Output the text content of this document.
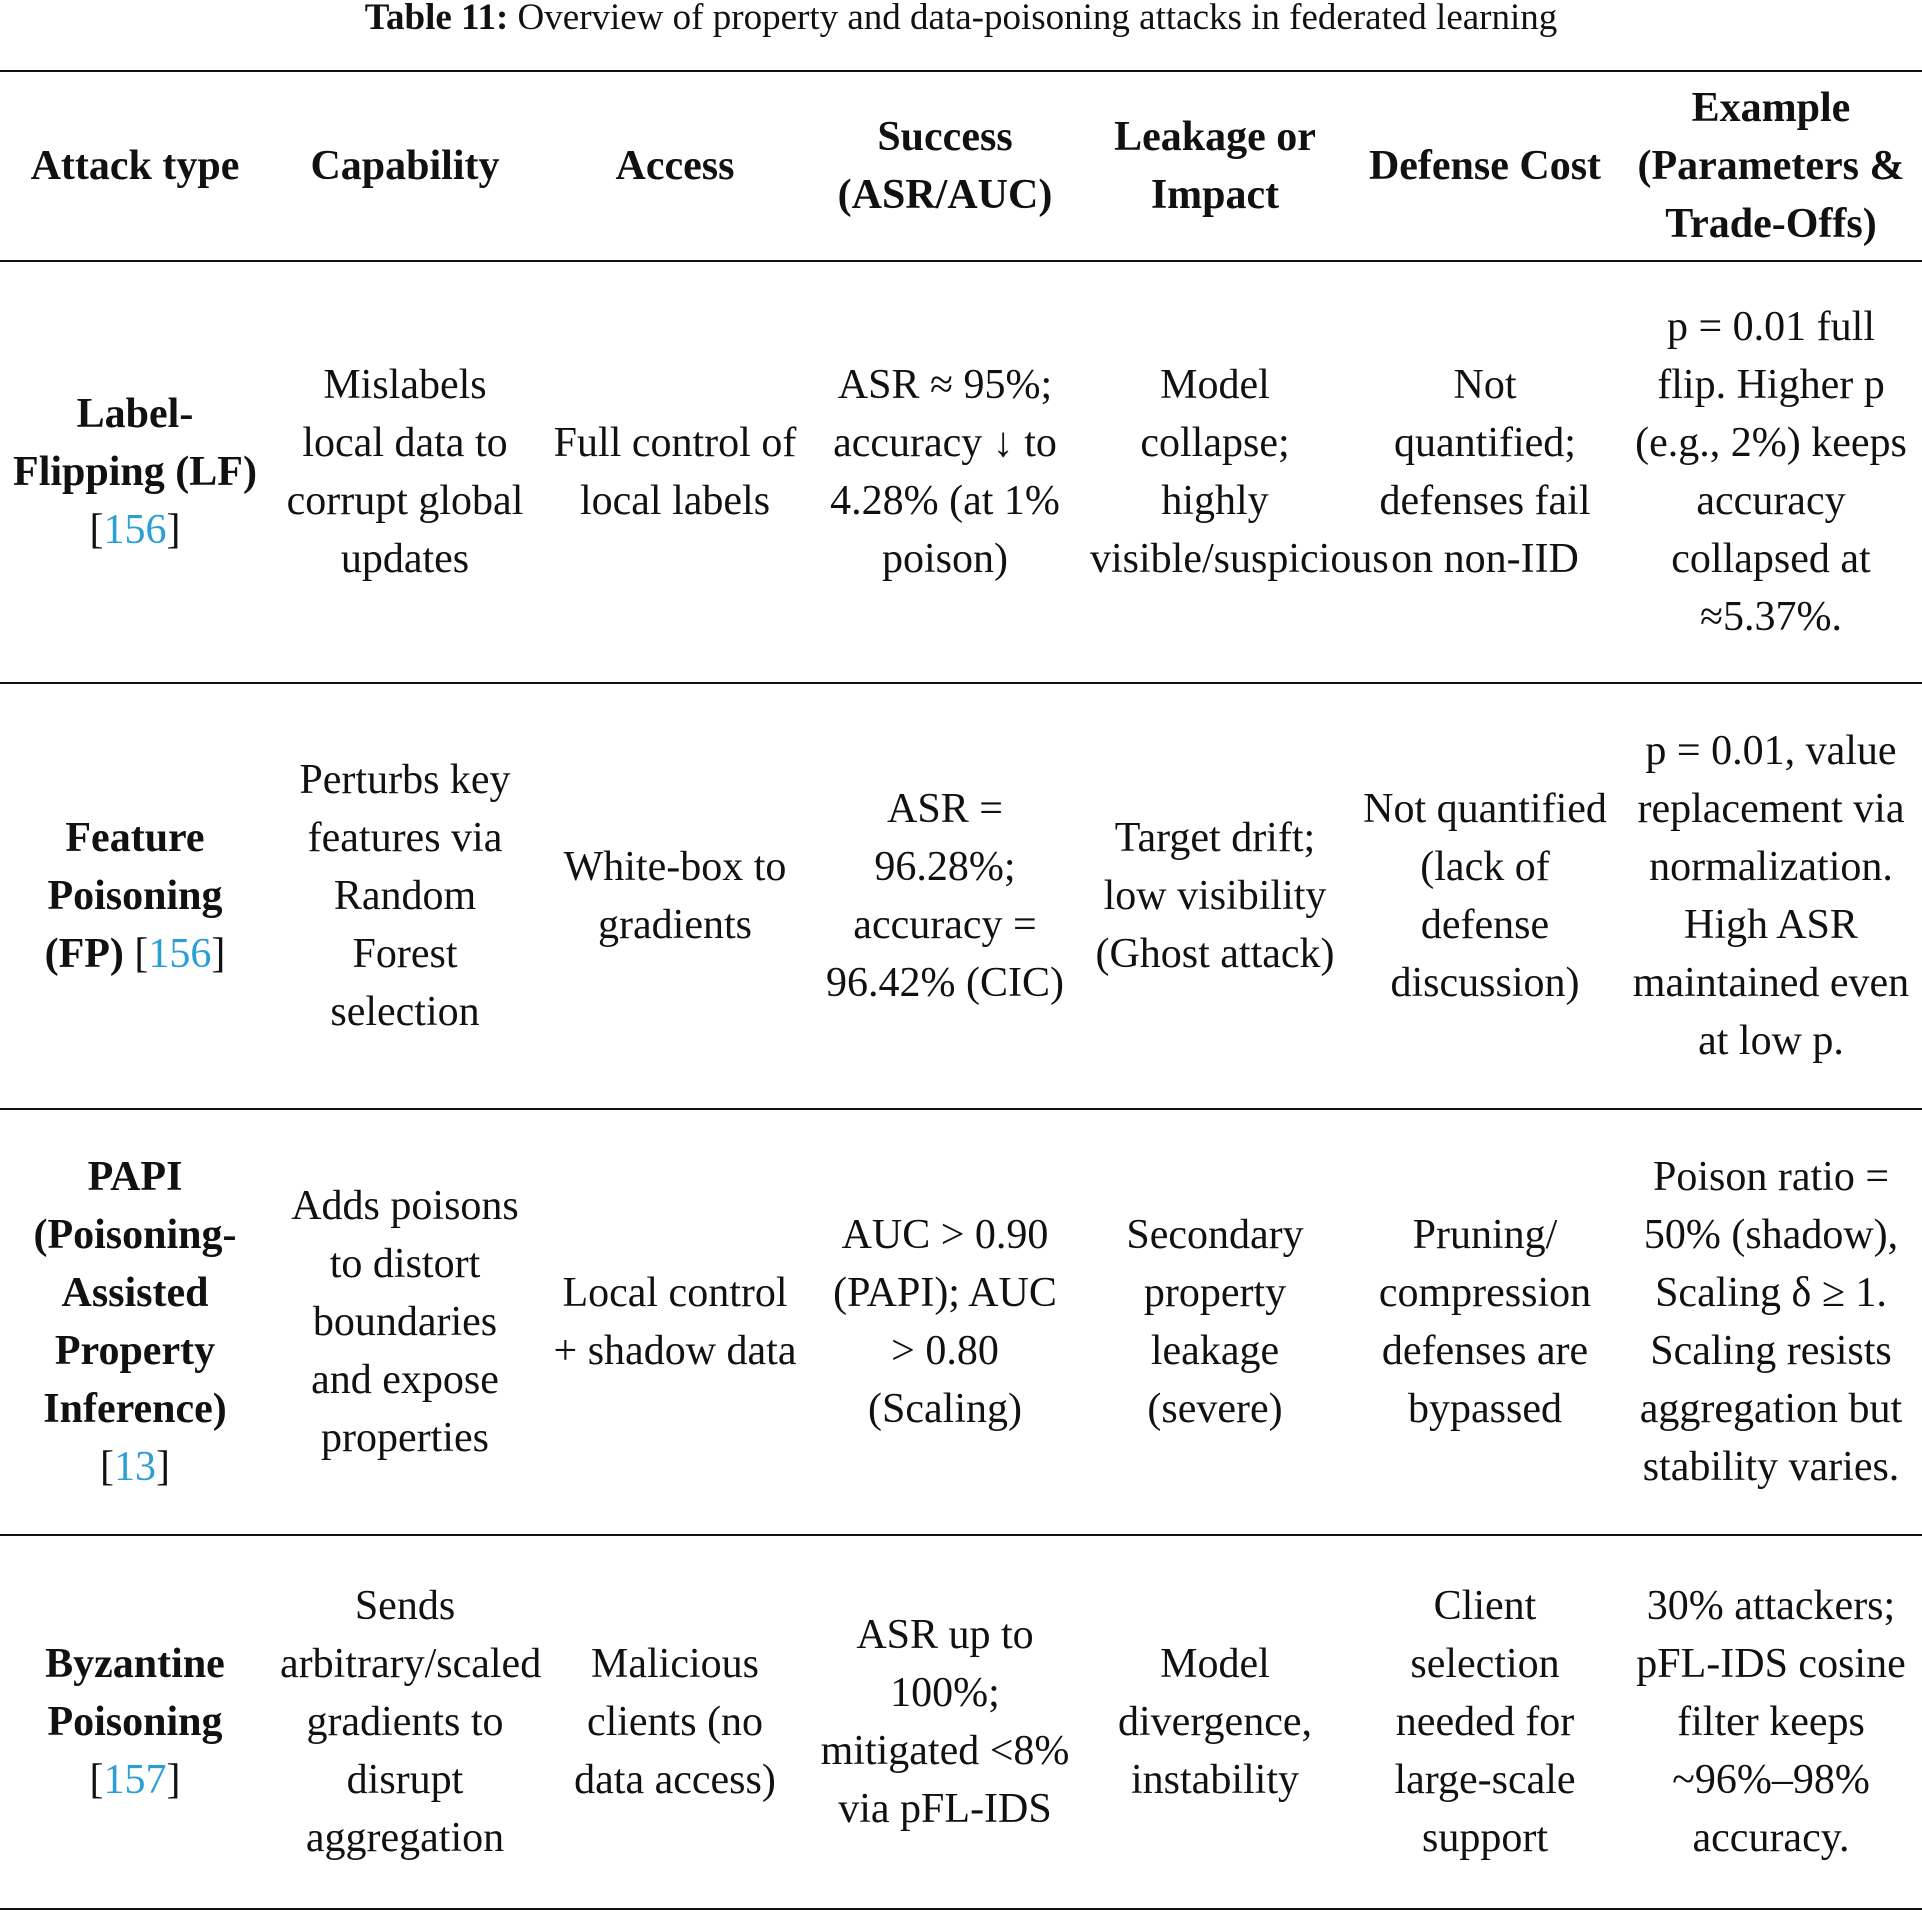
Table 11: Overview of property and data-poisoning attacks in federated learning
Attack type	Capability	Access	Success (ASR/AUC)	Leakage or Impact	Defense Cost	Example (Parameters & Trade-Offs)
Label-Flipping (LF) [156]	Mislabels local data to corrupt global updates	Full control of local labels	ASR ≈ 95%; accuracy ↓ to 4.28% (at 1% poison)	Model collapse; highly visible/suspicious	Not quantified; defenses fail on non-IID	p = 0.01 full flip. Higher p (e.g., 2%) keeps accuracy collapsed at ≈5.37%.
Feature Poisoning (FP) [156]	Perturbs key features via Random Forest selection	White-box to gradients	ASR = 96.28%; accuracy = 96.42% (CIC)	Target drift; low visibility (Ghost attack)	Not quantified (lack of defense discussion)	p = 0.01, value replacement via normalization. High ASR maintained even at low p.
PAPI (Poisoning-Assisted Property Inference) [13]	Adds poisons to distort boundaries and expose properties	Local control + shadow data	AUC > 0.90 (PAPI); AUC > 0.80 (Scaling)	Secondary property leakage (severe)	Pruning/ compression defenses are bypassed	Poison ratio = 50% (shadow), Scaling δ ≥ 1. Scaling resists aggregation but stability varies.
Byzantine Poisoning [157]	Sends arbitrary/scaled gradients to disrupt aggregation	Malicious clients (no data access)	ASR up to 100%; mitigated <8% via pFL-IDS	Model divergence, instability	Client selection needed for large-scale support	30% attackers; pFL-IDS cosine filter keeps ~96%–98% accuracy.
